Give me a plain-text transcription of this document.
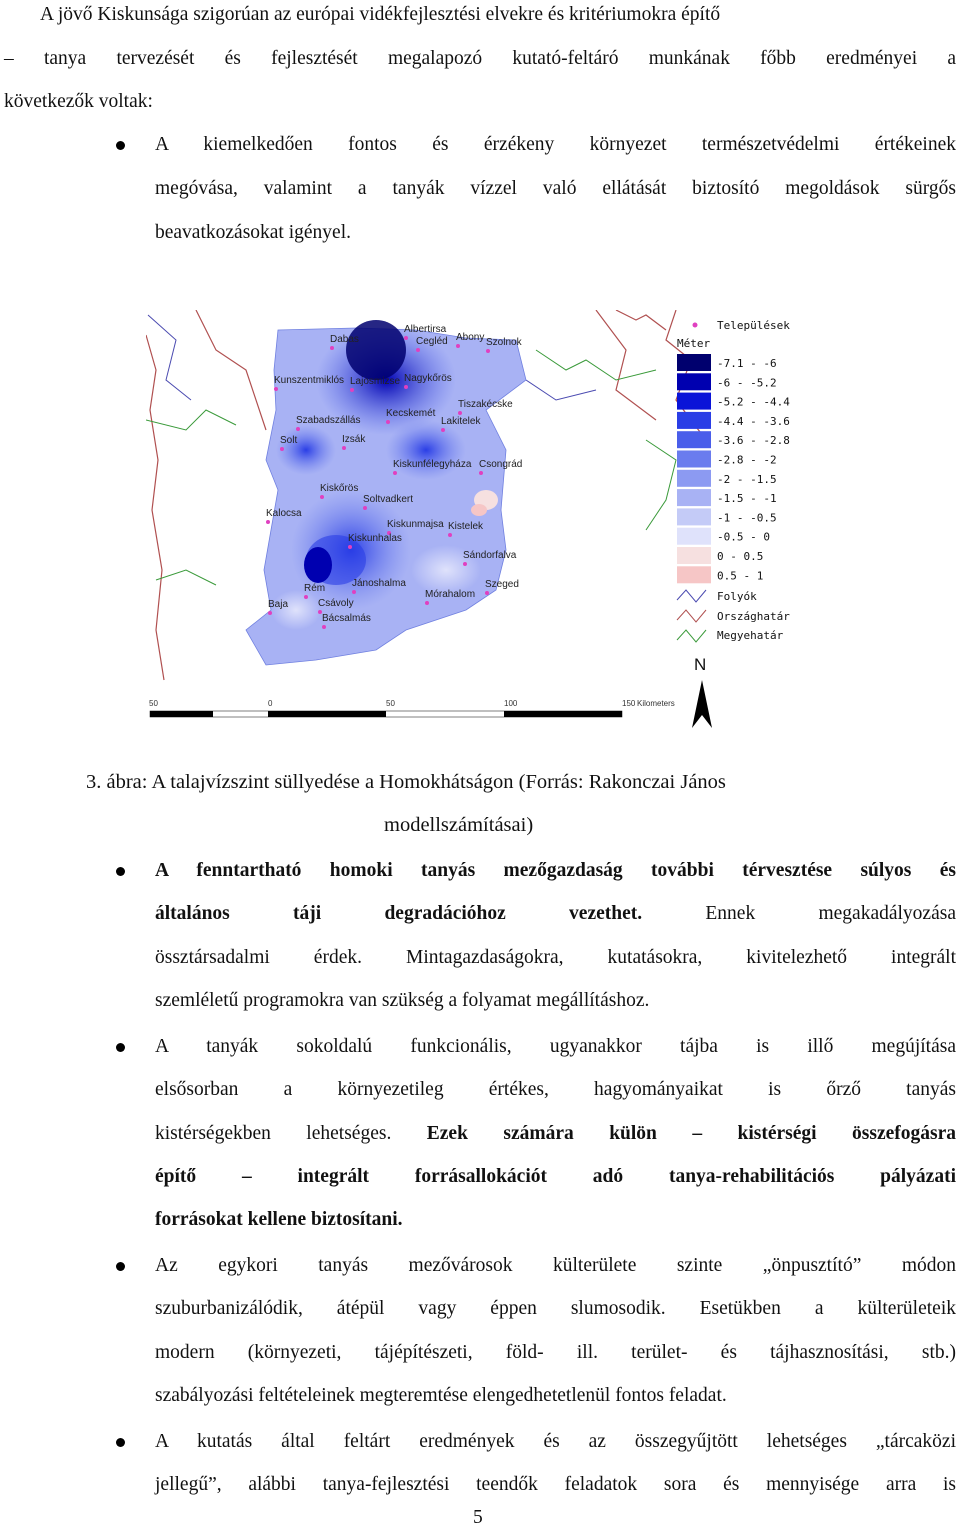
A jövő Kiskunsága szigorúan az európai vidékfejlesztési elvekre és kritériumokra építő
– tanya tervezését és fejlesztését megalapozó kutató-feltáró munkának főbb eredményei a
következők voltak:
A kiemelkedően fontos és érzékeny környezet természetvédelmi értékeinek
megóvása, valamint a tanyák vízzel való ellátását biztosító megoldások sürgős
beavatkozásokat igényel.
Dabas
Albertirsa
Cegléd Abony Szolnok
Kunszentmiklós Lajosmizse Nagykőrös
Tiszakécske
Kecskemét
Lakitelek
Szabadszállás
Solt	Izsák
Kiskunfélegyháza Csongrád
Kiskőrös
Soltvadkert
Kalocsa
Kiskunmajsa Kistelek
Kiskunhalas
Sándorfalva
Bácsalmás
Rém	Jánoshalma	Szeged
Mórahalom
Baja	Csávoly
Települések
Méter
-7.1 - -6
-6 - -5.2
-5.2 - -4.4
-4.4 - -3.6
-3.6 - -2.8
-2.8 - -2
-2 - -1.5
-1.5 - -1
-1 - -0.5
-0.5 - 0
0 - 0.5
0.5 - 1
Folyók
Országhatár
Megyehatár
N
50	0	50	100	150 Kilometers
3. ábra: A talajvízszint süllyedése a Homokhátságon (Forrás: Rakonczai János
modellszámításai)
A fenntartható homoki tanyás mezőgazdaság további térvesztése súlyos és
általános táji degradációhoz vezethet. Ennek megakadályozása
össztársadalmi érdek. Mintagazdaságokra, kutatásokra, kivitelezhető integrált
szemléletű programokra van szükség a folyamat megállításhoz.
A tanyák sokoldalú funkcionális, ugyanakkor tájba is illő megújítása
elsősorban a környezetileg értékes, hagyományaikat is őrző tanyás
kistérségekben lehetséges. Ezek számára külön – kistérségi összefogásra
építő – integrált forrásallokációt adó tanya-rehabilitációs pályázati
forrásokat kellene biztosítani.
Az egykori tanyás mezővárosok külterülete szinte „önpusztító” módon
szuburbanizálódik, átépül vagy éppen slumosodik. Esetükben a külterületeik
modern (környezeti, tájépítészeti, föld- ill. terület- és tájhasznosítási, stb.)
szabályozási feltételeinek megteremtése elengedhetetlenül fontos feladat.
A kutatás által feltárt eredmények és az összegyűjtött lehetséges „tárcaközi
jellegű”, alábbi tanya-fejlesztési teendők feladatok sora és mennyisége arra is
5
